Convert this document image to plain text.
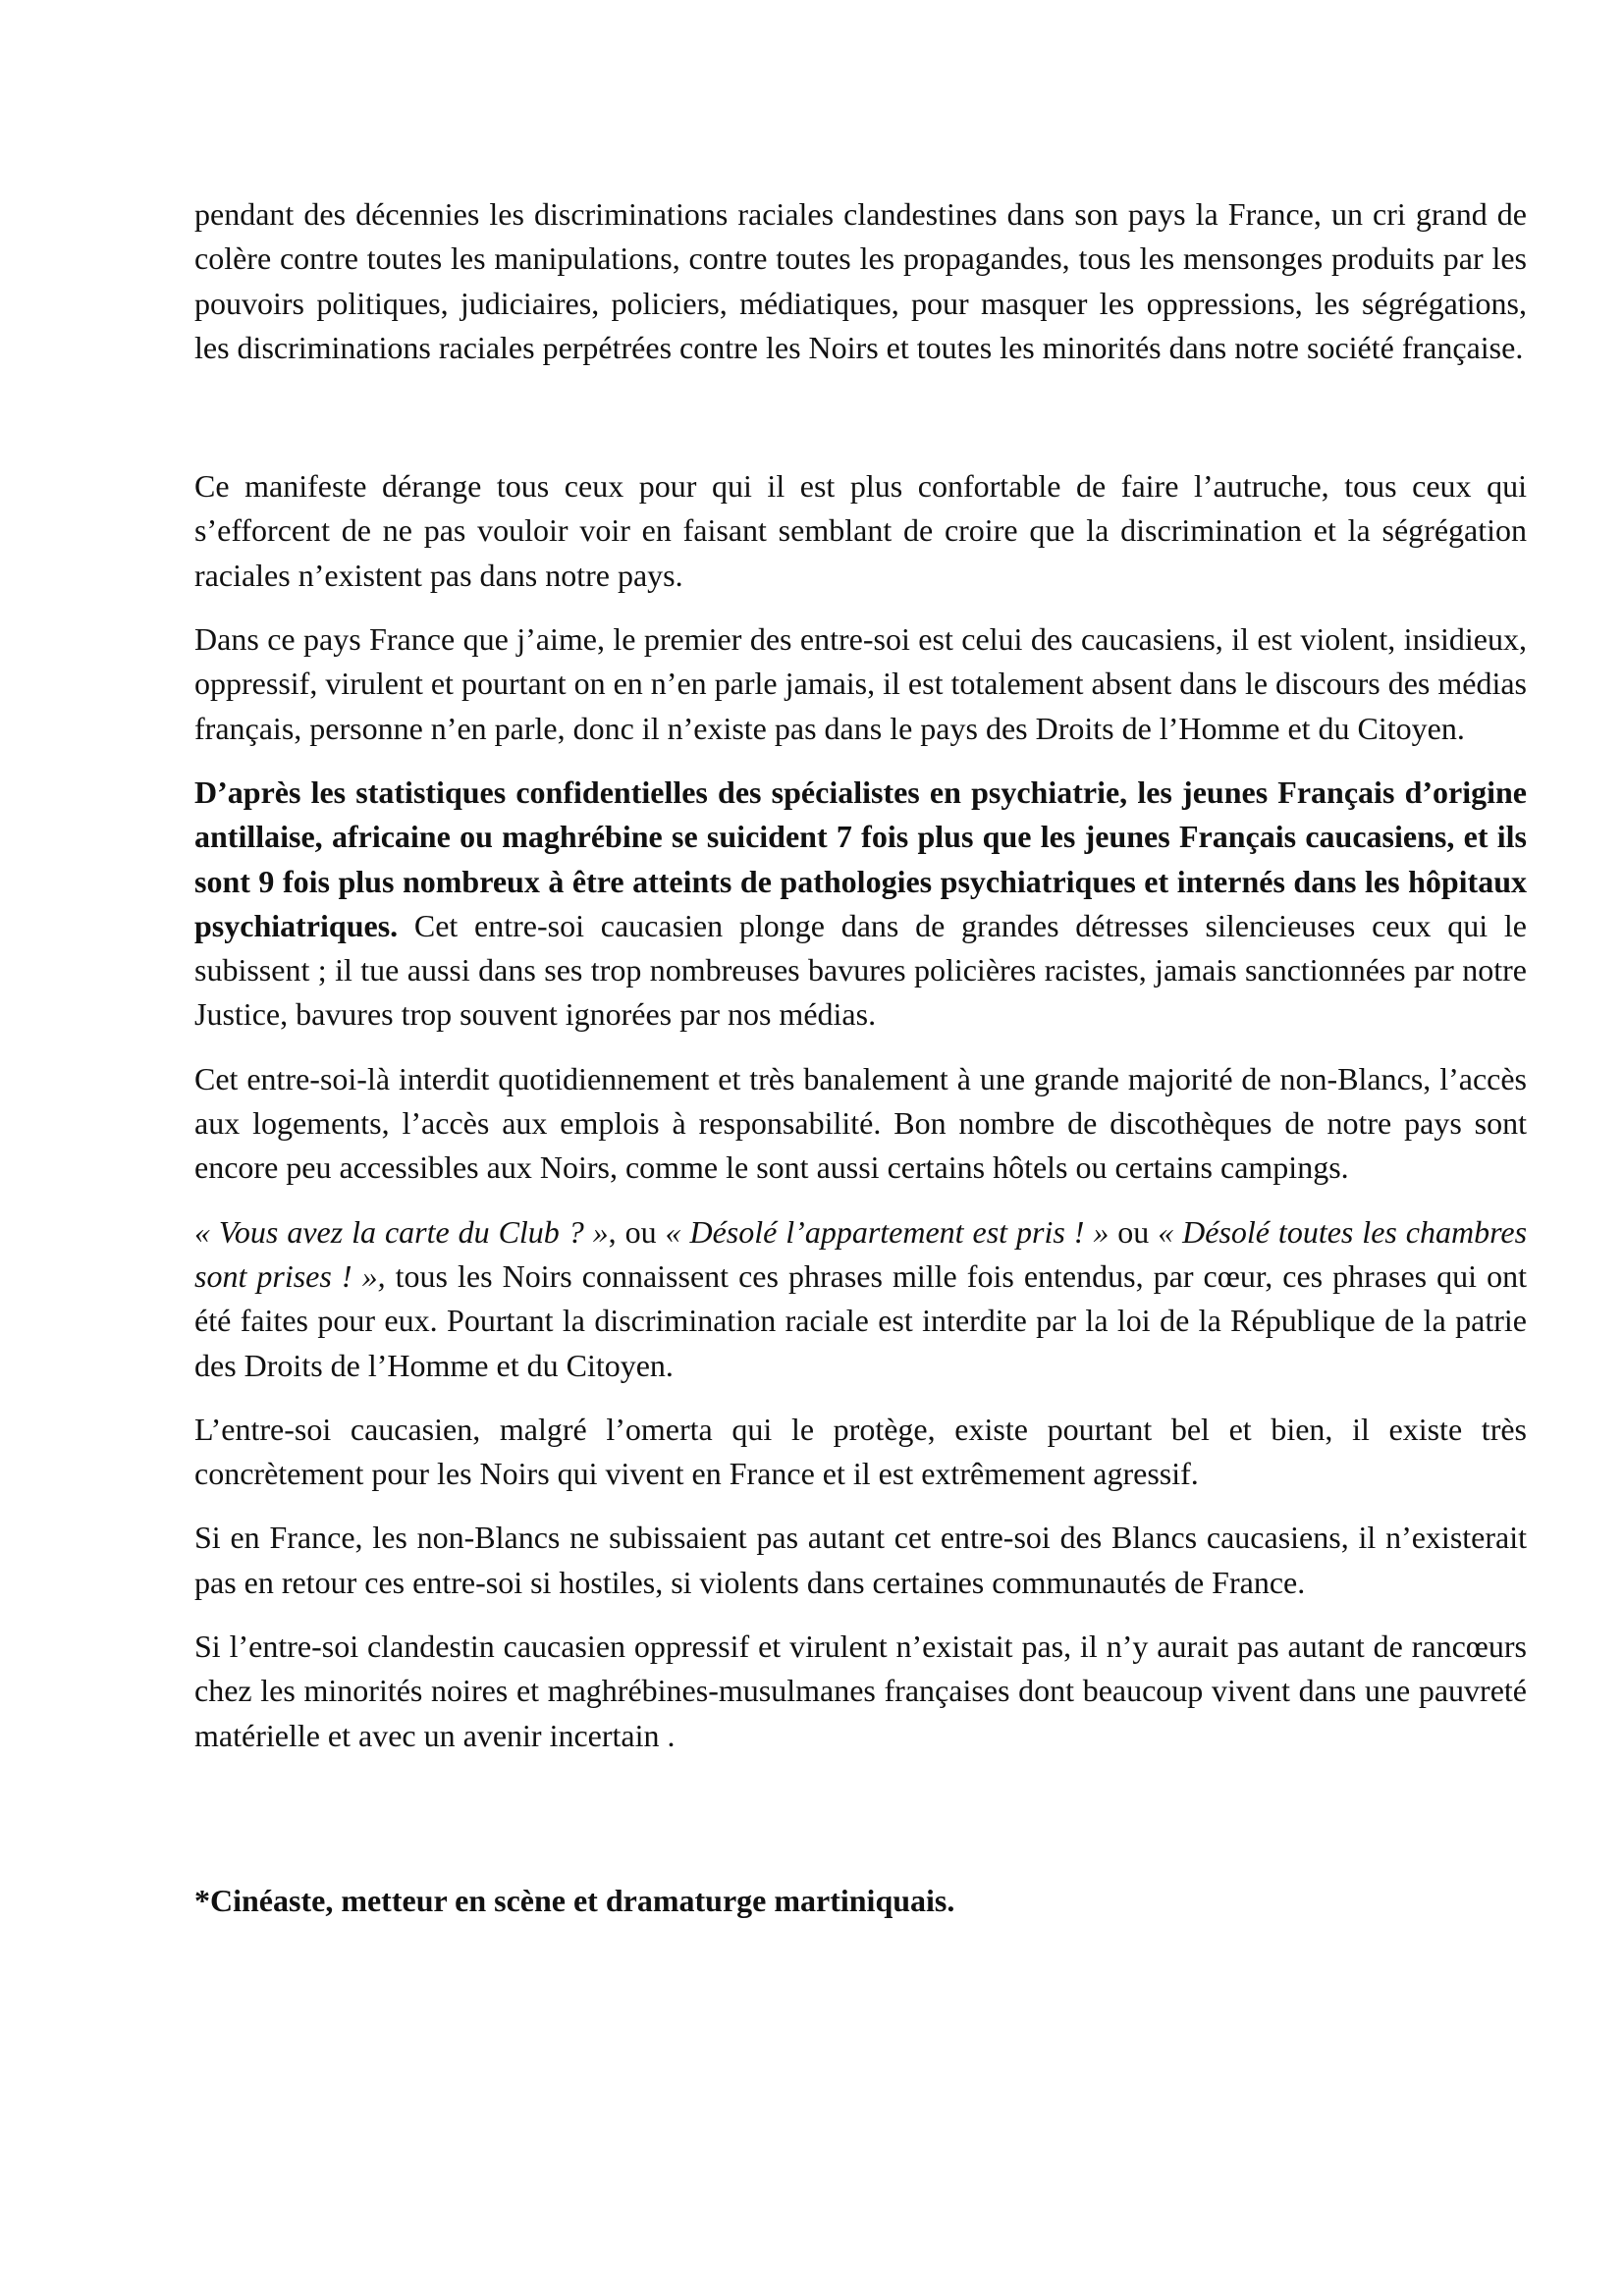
pendant des décennies les discriminations raciales clandestines dans son pays la France, un cri grand de colère contre toutes les manipulations, contre toutes les propagandes, tous les mensonges produits par les pouvoirs politiques, judiciaires, policiers, médiatiques, pour masquer les oppressions, les ségrégations, les discriminations raciales perpétrées contre les Noirs et toutes les minorités dans notre société française.

Ce manifeste dérange tous ceux pour qui il est plus confortable de faire l’autruche, tous ceux qui s’efforcent de ne pas vouloir voir en faisant semblant de croire que la discrimination et la ségrégation raciales n’existent pas dans notre pays.

Dans ce pays France que j’aime, le premier des entre-soi est celui des caucasiens, il est violent, insidieux, oppressif, virulent et pourtant on en n’en parle jamais, il est totalement absent dans le discours des médias français, personne n’en parle, donc il n’existe pas dans le pays des Droits de l’Homme et du Citoyen.

D’après les statistiques confidentielles des spécialistes en psychiatrie, les jeunes Français d’origine antillaise, africaine ou maghrébine se suicident 7 fois plus que les jeunes Français caucasiens, et ils sont 9 fois plus nombreux à être atteints de pathologies psychiatriques et internés dans les hôpitaux psychiatriques. Cet entre-soi caucasien plonge dans de grandes détresses silencieuses ceux qui le subissent ; il tue aussi dans ses trop nombreuses bavures policières racistes, jamais sanctionnées par notre Justice, bavures trop souvent ignorées par nos médias.

Cet entre-soi-là interdit quotidiennement et très banalement à une grande majorité de non-Blancs, l’accès aux logements, l’accès aux emplois à responsabilité. Bon nombre de discothèques de notre pays sont encore peu accessibles aux Noirs, comme le sont aussi certains hôtels ou certains campings.

« Vous avez la carte du Club ? », ou « Désolé l’appartement est pris ! » ou « Désolé toutes les chambres sont prises ! », tous les Noirs connaissent ces phrases mille fois entendus, par cœur, ces phrases qui ont été faites pour eux. Pourtant la discrimination raciale est interdite par la loi de la République de la patrie des Droits de l’Homme et du Citoyen.

L’entre-soi caucasien, malgré l’omerta qui le protège, existe pourtant bel et bien, il existe très concrètement pour les Noirs qui vivent en France et il est extrêmement agressif.

Si en France, les non-Blancs ne subissaient pas autant cet entre-soi des Blancs caucasiens, il n’existerait pas en retour ces entre-soi si hostiles, si violents dans certaines communautés de France.

Si l’entre-soi clandestin caucasien oppressif et virulent n’existait pas, il n’y aurait pas autant de rancœurs chez les minorités noires et maghrébines-musulmanes françaises dont beaucoup vivent dans une pauvreté matérielle et avec un avenir incertain .

*Cinéaste, metteur en scène et dramaturge martiniquais.
